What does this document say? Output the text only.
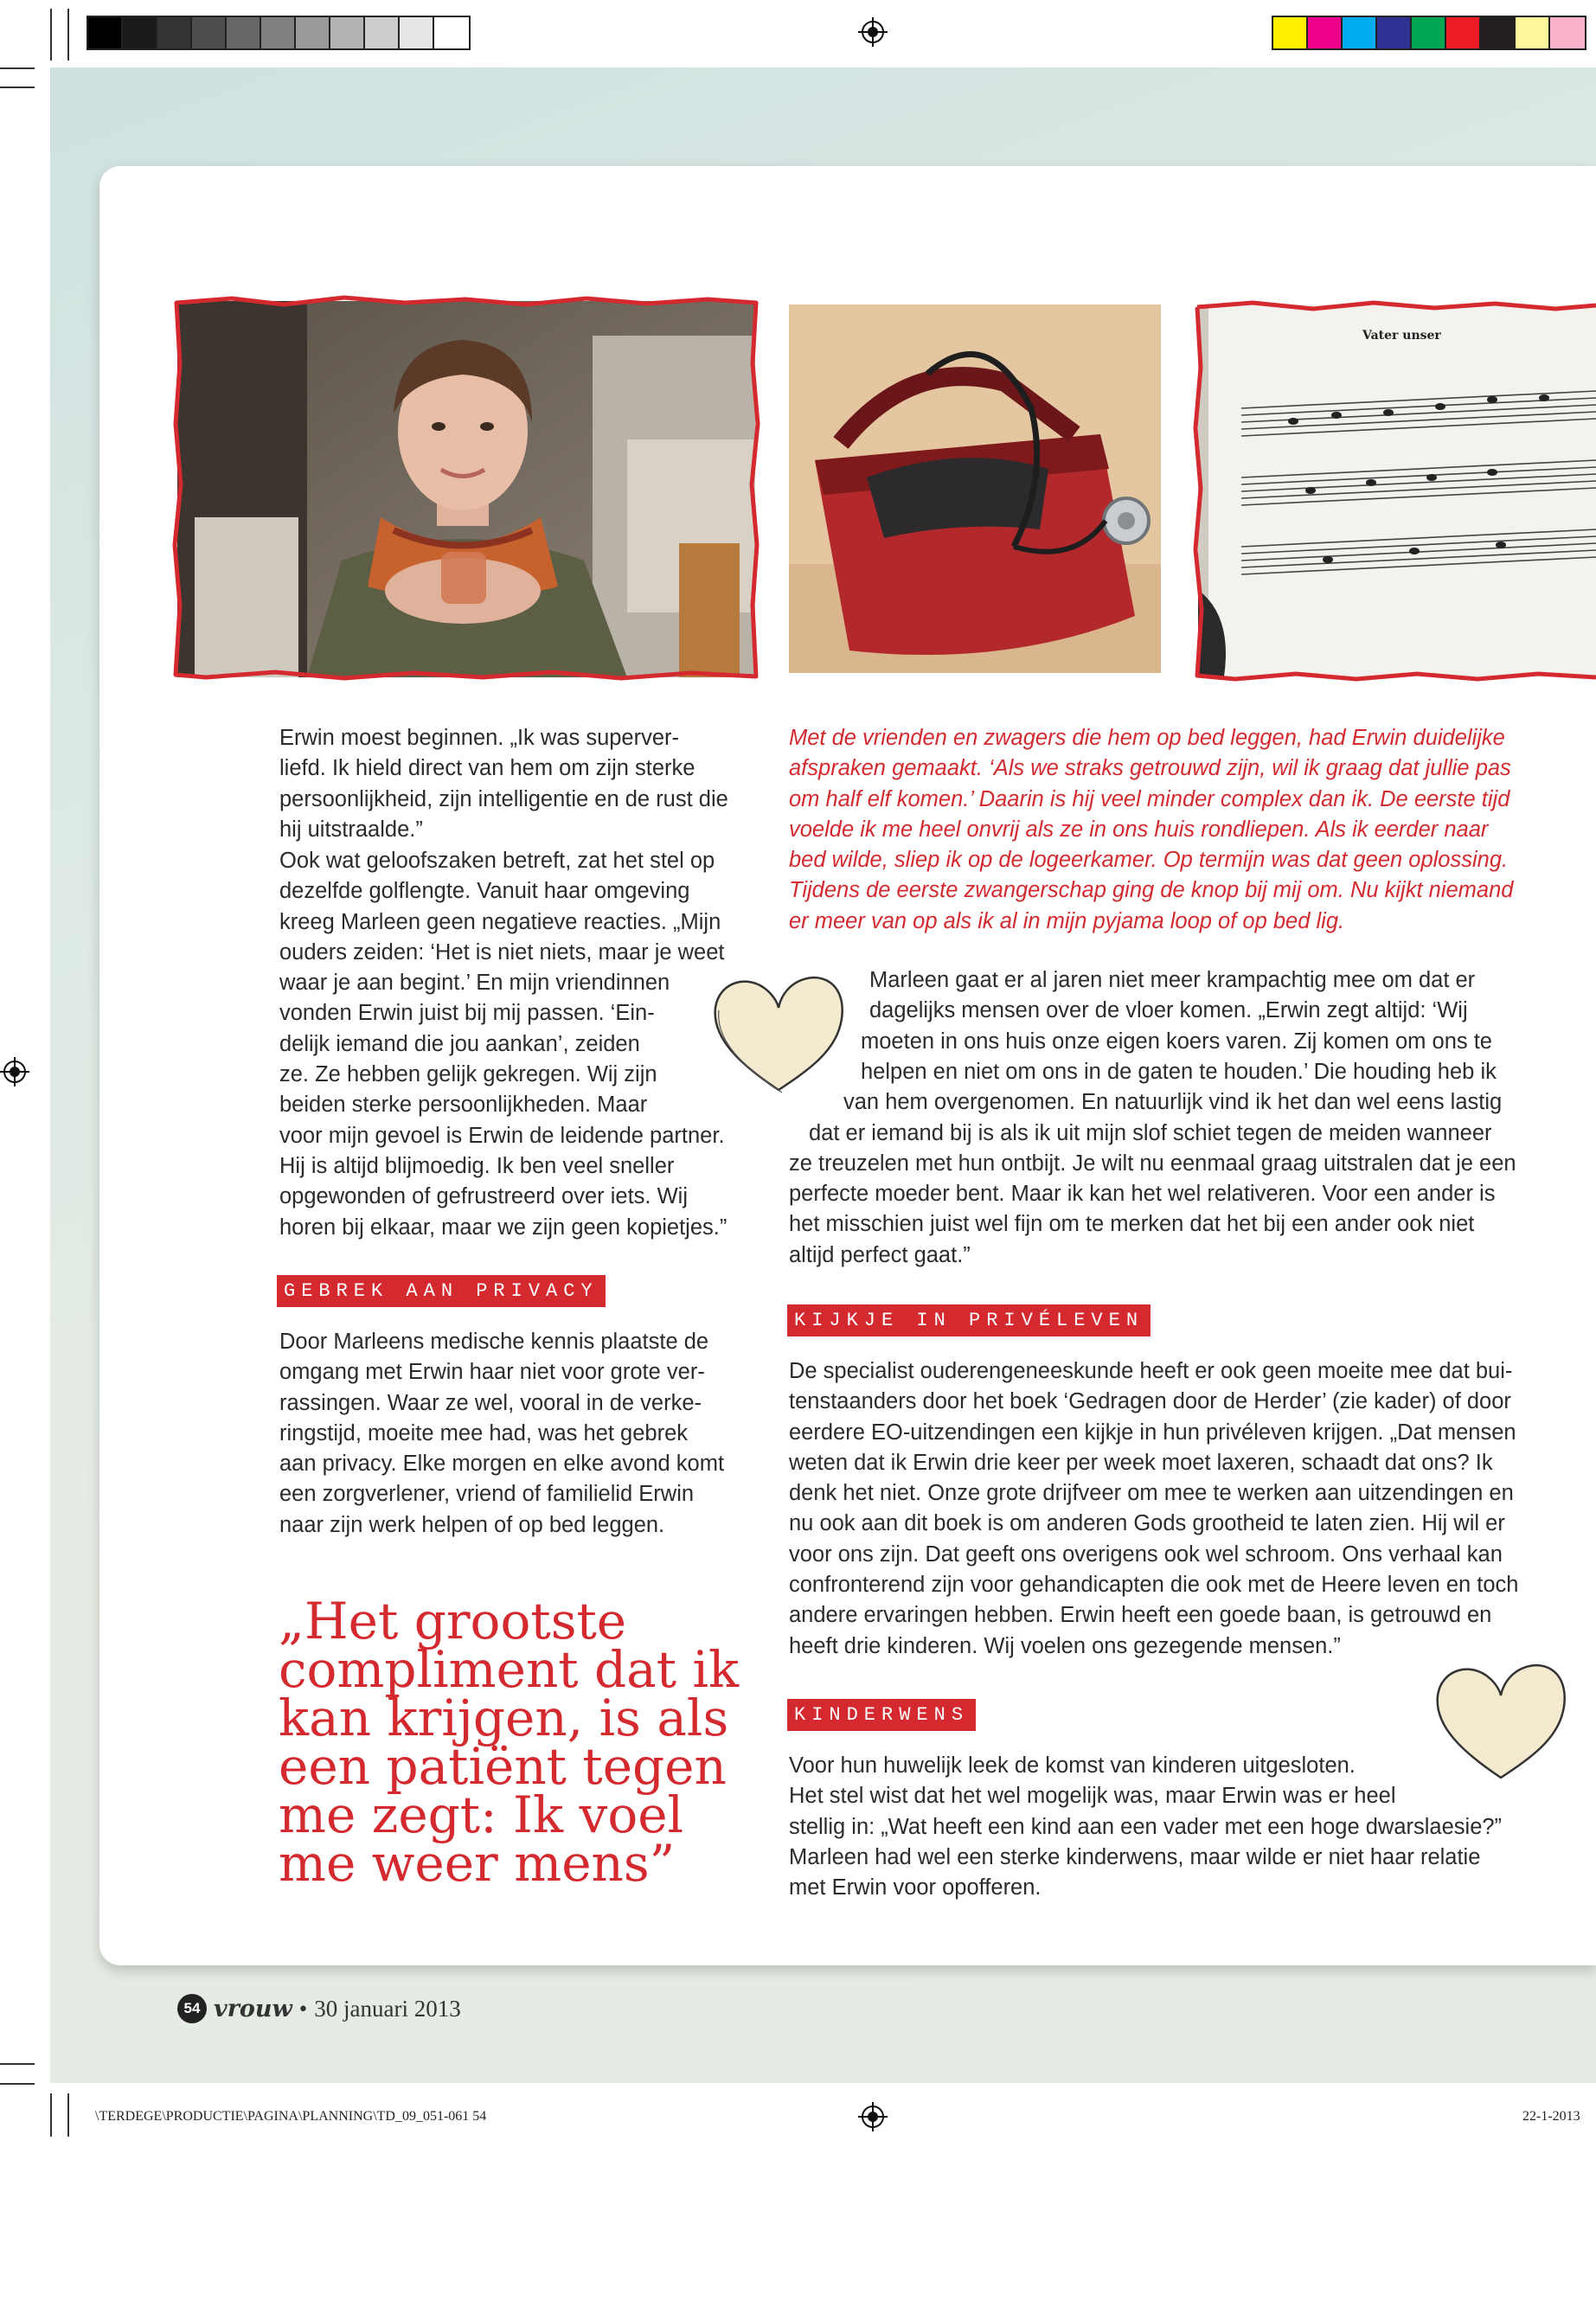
Vater unser

Erwin moest beginnen. „Ik was superver-
liefd. Ik hield direct van hem om zijn sterke
persoonlijkheid, zijn intelligentie en de rust die
hij uitstraalde.”

Ook wat geloofszaken betreft, zat het stel op
dezelfde golflengte. Vanuit haar omgeving
kreeg Marleen geen negatieve reacties. „Mijn
ouders zeiden: ‘Het is niet niets, maar je weet
waar je aan begint.’ En mijn vriendinnen
vonden Erwin juist bij mij passen. ‘Ein-
delijk iemand die jou aankan’, zeiden
ze. Ze hebben gelijk gekregen. Wij zijn
beiden sterke persoonlijkheden. Maar
voor mijn gevoel is Erwin de leidende partner.
Hij is altijd blijmoedig. Ik ben veel sneller
opgewonden of gefrustreerd over iets. Wij
horen bij elkaar, maar we zijn geen kopietjes.”

GEBREK AAN PRIVACY
Door Marleens medische kennis plaatste de
omgang met Erwin haar niet voor grote ver-
rassingen. Waar ze wel, vooral in de verke-
ringstijd, moeite mee had, was het gebrek
aan privacy. Elke morgen en elke avond komt
een zorgverlener, vriend of familielid Erwin
naar zijn werk helpen of op bed leggen.
„Het grootste compliment dat ik kan krijgen, is als een patiënt tegen me zegt: Ik voel me weer mens”
Met de vrienden en zwagers die hem op bed leggen, had Erwin duidelijke
afspraken gemaakt. ‘Als we straks getrouwd zijn, wil ik graag dat jullie pas
om half elf komen.’ Daarin is hij veel minder complex dan ik. De eerste tijd
voelde ik me heel onvrij als ze in ons huis rondliepen. Als ik eerder naar
bed wilde, sliep ik op de logeerkamer. Op termijn was dat geen oplossing.
Tijdens de eerste zwangerschap ging de knop bij mij om. Nu kijkt niemand
er meer van op als ik al in mijn pyjama loop of op bed lig.
Marleen gaat er al jaren niet meer krampachtig mee om dat er
dagelijks mensen over de vloer komen. „Erwin zegt altijd: ‘Wij
moeten in ons huis onze eigen koers varen. Zij komen om ons te
helpen en niet om ons in de gaten te houden.’ Die houding heb ik
van hem overgenomen. En natuurlijk vind ik het dan wel eens lastig
dat er iemand bij is als ik uit mijn slof schiet tegen de meiden wanneer
ze treuzelen met hun ontbijt. Je wilt nu eenmaal graag uitstralen dat je een
perfecte moeder bent. Maar ik kan het wel relativeren. Voor een ander is
het misschien juist wel fijn om te merken dat het bij een ander ook niet
altijd perfect gaat.”
KIJKJE IN PRIVÉLEVEN
De specialist ouderengeneeskunde heeft er ook geen moeite mee dat bui-
tenstaanders door het boek ‘Gedragen door de Herder’ (zie kader) of door
eerdere EO-uitzendingen een kijkje in hun privéleven krijgen. „Dat mensen
weten dat ik Erwin drie keer per week moet laxeren, schaadt dat ons? Ik
denk het niet. Onze grote drijfveer om mee te werken aan uitzendingen en
nu ook aan dit boek is om anderen Gods grootheid te laten zien. Hij wil er
voor ons zijn. Dat geeft ons overigens ook wel schroom. Ons verhaal kan
confronterend zijn voor gehandicapten die ook met de Heere leven en toch
andere ervaringen hebben. Erwin heeft een goede baan, is getrouwd en
heeft drie kinderen. Wij voelen ons gezegende mensen.”
KINDERWENS
Voor hun huwelijk leek de komst van kinderen uitgesloten.
Het stel wist dat het wel mogelijk was, maar Erwin was er heel
stellig in: „Wat heeft een kind aan een vader met een hoge dwarslaesie?”
Marleen had wel een sterke kinderwens, maar wilde er niet haar relatie
met Erwin voor opofferen.
54 vrouw • 30 januari 2013
\TERDEGE\PRODUCTIE\PAGINA\PLANNING\TD_09_051-061 54	22-1-2013
